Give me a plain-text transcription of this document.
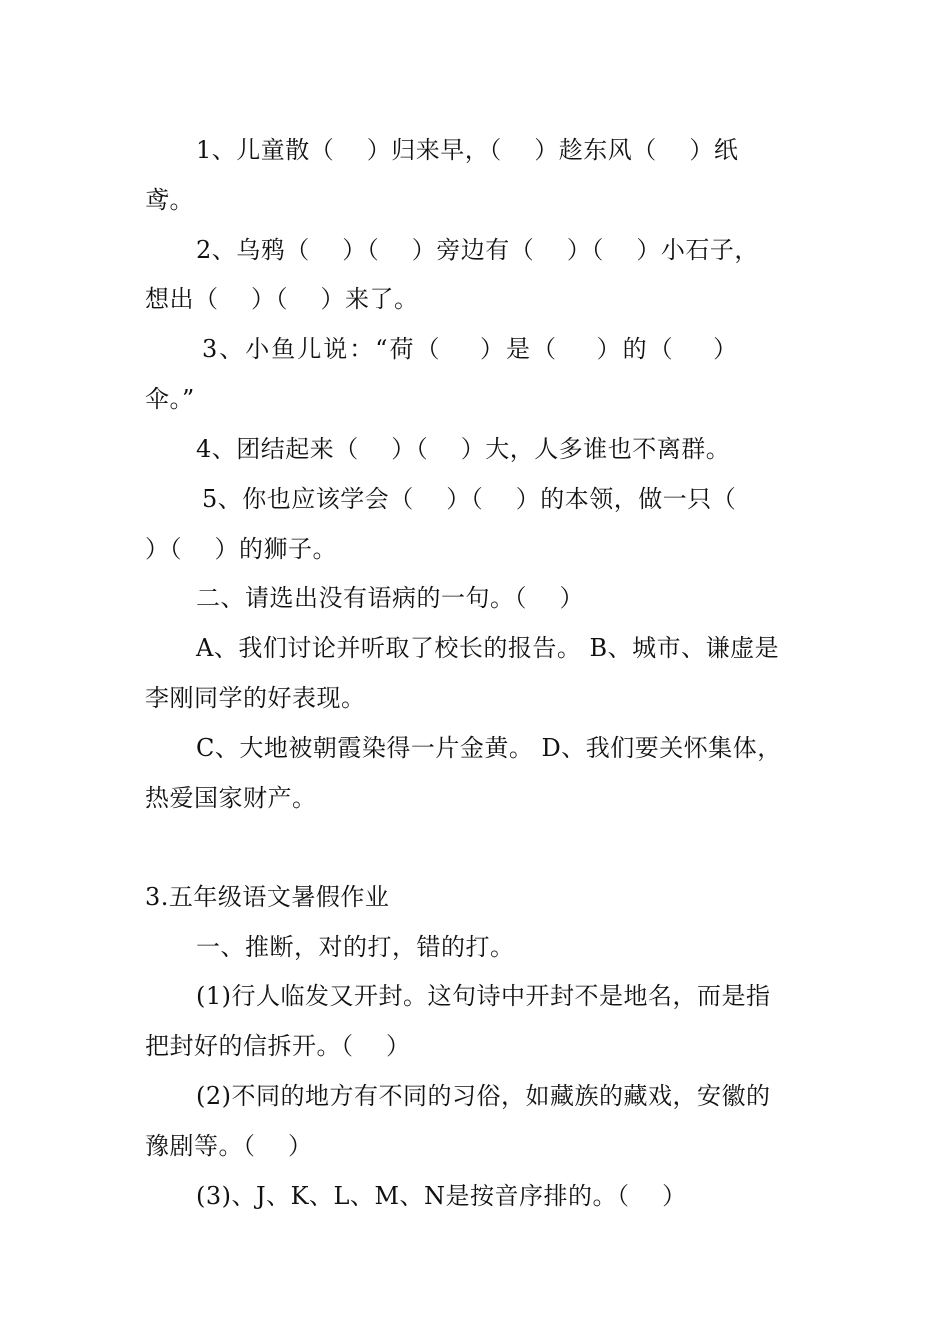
1、儿童散（    ）归来早，（    ）趁东风（    ）纸
鸢。
2、乌鸦（    ）（    ）旁边有（    ）（    ）小石子，
想出（    ）（    ）来了。
3、小鱼儿说：“荷（    ）是（    ）的（    ）
伞。”
4、团结起来（    ）（    ）大，人多谁也不离群。
5、你也应该学会（    ）（    ）的本领，做一只（
）（    ）的狮子。
二、请选出没有语病的一句。（    ）
A、我们讨论并听取了校长的报告。 B、城市、谦虚是
李刚同学的好表现。
C、大地被朝霞染得一片金黄。 D、我们要关怀集体，
热爱国家财产。
3.五年级语文暑假作业
一、推断，对的打，错的打。
(1)行人临发又开封。这句诗中开封不是地名，而是指
把封好的信拆开。（    ）
(2)不同的地方有不同的习俗，如藏族的藏戏，安徽的
豫剧等。（    ）
(3)、J、K、L、M、N是按音序排的。（    ）
